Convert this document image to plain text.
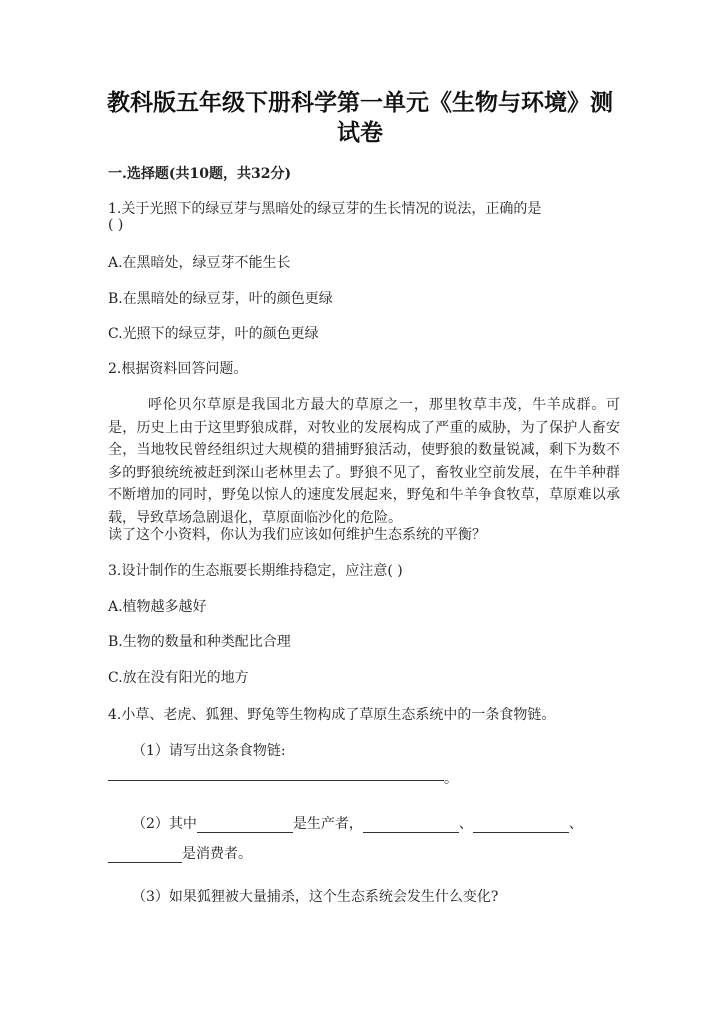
教科版五年级下册科学第一单元《生物与环境》测
试卷
一.选择题(共10题，共32分)
1.关于光照下的绿豆芽与黑暗处的绿豆芽的生长情况的说法，正确的是
( )
A.在黑暗处，绿豆芽不能生长
B.在黑暗处的绿豆芽，叶的颜色更绿
C.光照下的绿豆芽，叶的颜色更绿
2.根据资料回答问题。
呼伦贝尔草原是我国北方最大的草原之一，那里牧草丰茂，牛羊成群。可是，历史上由于这里野狼成群，对牧业的发展构成了严重的威胁，为了保护人畜安全，当地牧民曾经组织过大规模的猎捕野狼活动，使野狼的数量锐减，剩下为数不多的野狼统统被赶到深山老林里去了。野狼不见了，畜牧业空前发展，在牛羊种群不断增加的同时，野兔以惊人的速度发展起来，野兔和牛羊争食牧草，草原难以承载，导致草场急剧退化，草原面临沙化的危险。
读了这个小资料，你认为我们应该如何维护生态系统的平衡？
3.设计制作的生态瓶要长期维持稳定，应注意( )
A.植物越多越好
B.生物的数量和种类配比合理
C.放在没有阳光的地方
4.小草、老虎、狐狸、野兔等生物构成了草原生态系统中的一条食物链。
（1）请写出这条食物链:
。
（2）其中	是生产者，	、	、
是消费者。
（3）如果狐狸被大量捕杀，这个生态系统会发生什么变化?
